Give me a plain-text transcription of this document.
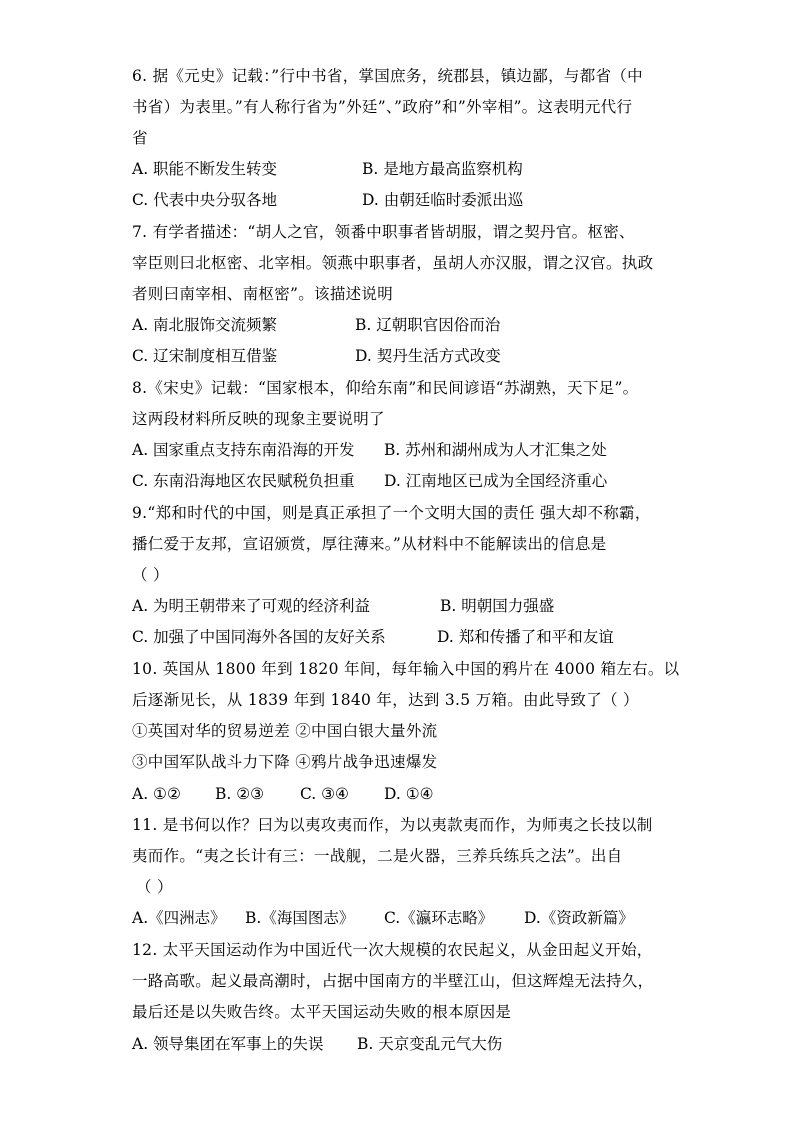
6. 据《元史》记载：”行中书省，掌国庶务，统郡县，镇边鄙，与都省（中
书省）为表里。”有人称行省为”外廷”、”政府”和”外宰相”。这表明元代行
省
A. 职能不断发生转变	B. 是地方最高监察机构
C. 代表中央分驭各地	D. 由朝廷临时委派出巡
7. 有学者描述：“胡人之官，领番中职事者皆胡服，谓之契丹官。枢密、
宰臣则曰北枢密、北宰相。领燕中职事者，虽胡人亦汉服，谓之汉官。执政
者则曰南宰相、南枢密”。该描述说明
A. 南北服饰交流频繁	B. 辽朝职官因俗而治
C. 辽宋制度相互借鉴	D. 契丹生活方式改变
8.《宋史》记载：“国家根本，仰给东南”和民间谚语“苏湖熟，天下足”。
这两段材料所反映的现象主要说明了
A. 国家重点支持东南沿海的开发 B. 苏州和湖州成为人才汇集之处
C. 东南沿海地区农民赋税负担重 D. 江南地区已成为全国经济重心
9.“郑和时代的中国，则是真正承担了一个文明大国的责任 强大却不称霸，
播仁爱于友邦，宣诏颁赏，厚往薄来。”从材料中不能解读出的信息是
（ ）
A. 为明王朝带来了可观的经济利益	B. 明朝国力强盛
C. 加强了中国同海外各国的友好关系	D. 郑和传播了和平和友谊
10. 英国从 1800 年到 1820 年间，每年输入中国的鸦片在 4000 箱左右。以
后逐渐见长，从 1839 年到 1840 年，达到 3.5 万箱。由此导致了（ ）
①英国对华的贸易逆差 ②中国白银大量外流
③中国军队战斗力下降 ④鸦片战争迅速爆发
A. ①② B. ②③ C. ③④ D. ①④
11. 是书何以作？曰为以夷攻夷而作，为以夷款夷而作，为师夷之长技以制
夷而作。“夷之长计有三：一战舰，二是火器，三养兵练兵之法”。出自
（ ）
A.《四洲志》 B.《海国图志》 C.《瀛环志略》 D.《资政新篇》
12. 太平天国运动作为中国近代一次大规模的农民起义，从金田起义开始，
一路高歌。起义最高潮时，占据中国南方的半壁江山，但这辉煌无法持久，
最后还是以失败告终。太平天国运动失败的根本原因是
A. 领导集团在军事上的失误 B. 天京变乱元气大伤
